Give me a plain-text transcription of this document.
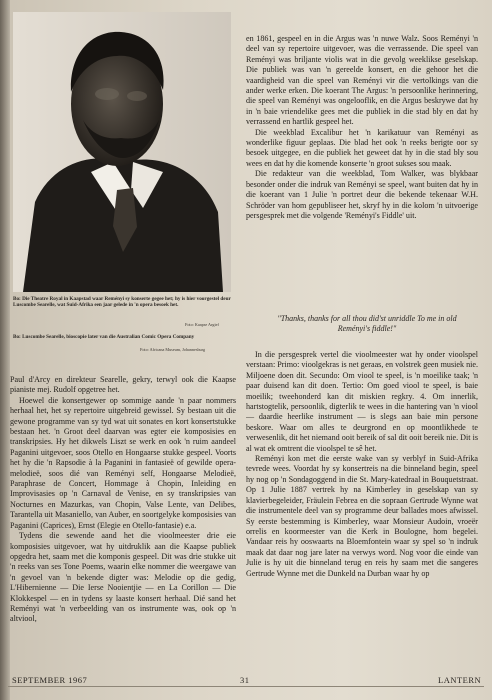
Bo: Die Theatre Royal in Kaapstad waar Reményi sy konserte gegee het; hy is hier voorgestel deur Luscombe Searelle, wat Suid-Afrika een jaar gelede in 'n opera besoek het.
Foto: Kaapse Argief
Bo: Luscombe Searelle, bioscopie later van die Australian Comic Opera Company
Foto: Africana Museum, Johannesburg

Paul d'Arcy en direkteur Searelle, gekry, terwyl ook die Kaapse pianiste mej. Rudolf opgetree het.

Hoewel die konsertgewer op sommige aande 'n paar nommers herhaal het, het sy repertoire uitgebreid gewissel. Sy bestaan uit die gewone programme van sy tyd wat uit sonates en kort konsertstukke bestaan het. 'n Groot deel daarvan was egter eie komposisies en transkripsies. Hy het dikwels Liszt se werk en ook 'n ruim aandeel Paganini uitgevoer, soos Otello en Hongaarse stukke gespeel. Voorts het hy die 'n Rapsodie à la Paganini in fantasieë of gewilde opera-melodieë, soos dié van Reményi self, Hongaarse Melodieë, Paraphrase de Concert, Hommage à Chopin, Inleiding en Improvisasies op 'n Carnaval de Venise, en sy transkripsies van Nocturnes en Mazurkas, van Chopin, Valse Lente, van Delibes, Tarantella uit Masaniello, van Auber, en soortgelyke komposisies van Paganini (Caprices), Ernst (Elegie en Otello-fantasie) e.a.

Tydens die sewende aand het die vioolmeester drie eie komposisies uitgevoer, wat hy uitdruklik aan die Kaapse publiek opgedra het, saam met die komponis gespeel. Dit was drie stukke uit 'n reeks van ses Tone Poems, waarin elke nommer die weergawe van 'n gevoel van 'n bekende digter was: Melodie op die gedig, L'Hibernienne — Die Ierse Nooientjie — en La Corillon — Die Klokkespel — en in tydens sy laaste konsert herhaal. Dié sand het Reményi wat 'n verbeelding van os instrumente was, ook op 'n altviool,

en 1861, gespeel en in die Argus was 'n nuwe Walz. Soos Reményi 'n deel van sy repertoire uitgevoer, was die verrassende. Die speel van Reményi was briljante violis wat in die gevolg weeklikse geselskap. Die publiek was van 'n gereelde konsert, en die gehoor het die vaardigheid van die speel van Reményi vir die vertolkings van die ander werke erken. Die koerant The Argus: 'n persoonlike herinnering, die speel van Reményi was ongelooflik, en die Argus beskrywe dat hy in 'n baie vriendelike gees met die publiek in die stad bly en dat hy verrassend en hartlik gespeel het.

Die weekblad Excalibur het 'n karikatuur van Reményi as wonderlike figuur geplaas. Die blad het ook 'n reeks berigte oor sy besoek uitgegee, en die publiek het geweet dat hy in die stad bly sou wees en dat hy die komende konserte 'n groot sukses sou maak.

Die redakteur van die weekblad, Tom Walker, was blykbaar besonder onder die indruk van Reményi se speel, want buiten dat hy in die koerant van 1 Julie 'n portret deur die bekende tekenaar W.H. Schröder van hom gepubliseer het, skryf hy in die kolom 'n uitvoerige persgesprek met die volgende 'Reményi's Fiddle' uit.

"Thanks, thanks for all thou did'st unriddle To me in old Reményi's fiddle!"

In die persgesprek vertel die vioolmeester wat hy onder vioolspel verstaan: Primo: vioolgekras is net geraas, en volstrek geen musiek nie. Miljoene doen dit. Secundo: Om viool te speel, is 'n moeilike taak; 'n paar duisend kan dit doen. Tertio: Om goed viool te speel, is baie moeilik; tweehonderd kan dit miskien regkry. 4. Om innerlik, hartstogtelik, persoonlik, digterlik te wees in die hantering van 'n viool — daardie heerlike instrument — is slegs aan baie min persone beskore. Waar om alles te deurgrond en op moontlikhede te verwesenlik, dit het niemand ooit bereik of sal dit ooit bereik nie. Dit is al wat ek omtrent die vioolspel te sê het.

Reményi kon met die eerste wake van sy verblyf in Suid-Afrika tevrede wees. Voordat hy sy konsertreis na die binneland begin, speel hy nog op 'n Sondagoggend in die St. Mary-katedraal in Bouquetstraat. Op 1 Julie 1887 vertrek hy na Kimberley in geselskap van sy klavierbegeleider, Fräulein Febrea en die sopraan Gertrude Wynne wat die instrumentele deel van sy programme deur ballades moes afwissel. Sy eerste bestemming is Kimberley, waar Monsieur Audoin, vroeër orrelis en koormeester van die Kerk in Boulogne, hom begelei. Vandaar reis hy ooswaarts na Bloemfontein waar sy spel so 'n indruk maak dat daar nog jare later na verwys word. Nog voor die einde van Julie is hy uit die binneland terug en reis hy saam met die sangeres Gertrude Wynne met die Dunkeld na Durban waar hy op

SEPTEMBER 1967	31	LANTERN
